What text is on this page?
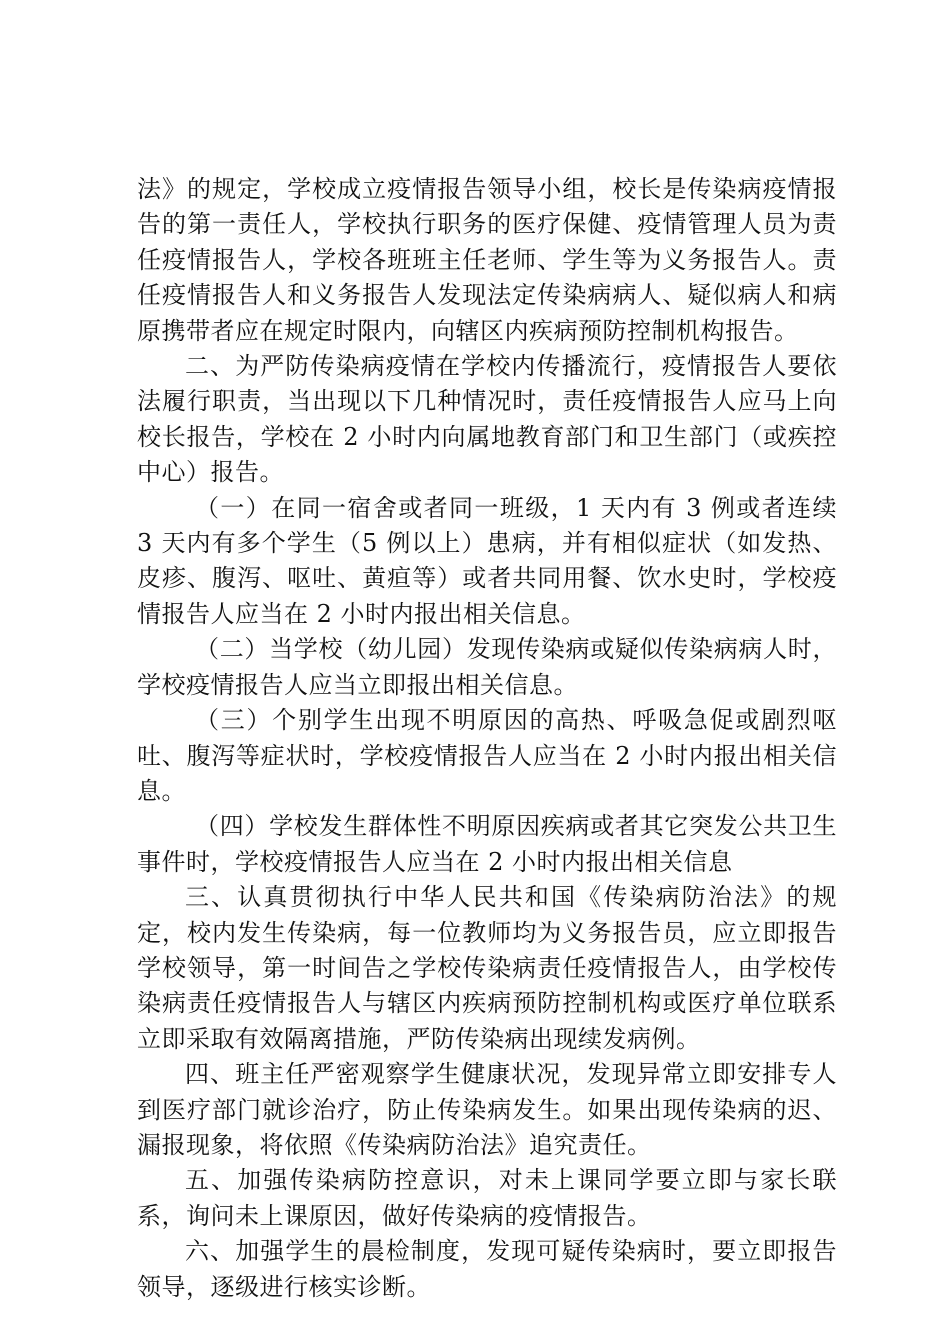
法》的规定，学校成立疫情报告领导小组，校长是传染病疫情报告的第一责任人，学校执行职务的医疗保健、疫情管理人员为责任疫情报告人，学校各班班主任老师、学生等为义务报告人。责任疫情报告人和义务报告人发现法定传染病病人、疑似病人和病原携带者应在规定时限内，向辖区内疾病预防控制机构报告。

二、为严防传染病疫情在学校内传播流行，疫情报告人要依法履行职责，当出现以下几种情况时，责任疫情报告人应马上向校长报告，学校在 2 小时内向属地教育部门和卫生部门（或疾控中心）报告。

（一）在同一宿舍或者同一班级，1 天内有 3 例或者连续 3 天内有多个学生（5 例以上）患病，并有相似症状（如发热、皮疹、腹泻、呕吐、黄疸等）或者共同用餐、饮水史时，学校疫情报告人应当在 2 小时内报出相关信息。

（二）当学校（幼儿园）发现传染病或疑似传染病病人时，学校疫情报告人应当立即报出相关信息。

（三）个别学生出现不明原因的高热、呼吸急促或剧烈呕吐、腹泻等症状时，学校疫情报告人应当在 2 小时内报出相关信息。

（四）学校发生群体性不明原因疾病或者其它突发公共卫生事件时，学校疫情报告人应当在 2 小时内报出相关信息

三、认真贯彻执行中华人民共和国《传染病防治法》的规定，校内发生传染病，每一位教师均为义务报告员，应立即报告学校领导，第一时间告之学校传染病责任疫情报告人，由学校传染病责任疫情报告人与辖区内疾病预防控制机构或医疗单位联系立即采取有效隔离措施，严防传染病出现续发病例。

四、班主任严密观察学生健康状况，发现异常立即安排专人到医疗部门就诊治疗，防止传染病发生。如果出现传染病的迟、漏报现象，将依照《传染病防治法》追究责任。

五、加强传染病防控意识，对未上课同学要立即与家长联系，询问未上课原因，做好传染病的疫情报告。

六、加强学生的晨检制度，发现可疑传染病时，要立即报告领导，逐级进行核实诊断。
